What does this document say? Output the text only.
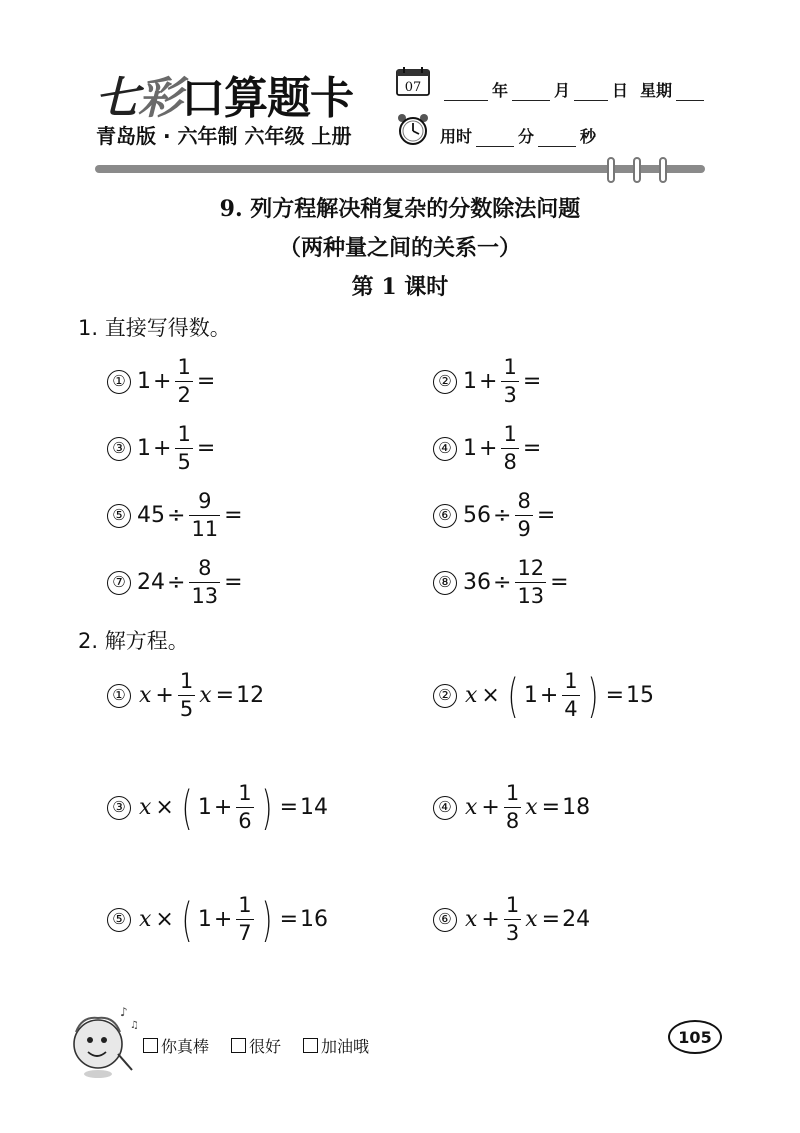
七彩口算题卡
青岛版 · 六年制 六年级 上册
07	年	月	日 星期
用时	分	秒
9. 列方程解决稍复杂的分数除法问题
（两种量之间的关系一）
第 1 课时
1. 直接写得数。
① $1 + \frac{1}{2}$ =	② $1 + \frac{1}{3}$ =
③ $1 + \frac{1}{5}$ =	④ $1 + \frac{1}{8}$ =
⑤ $45 \div \frac{9}{11}$ =	⑥ $56 \div \frac{8}{9}$ =
⑦ $24 \div \frac{8}{13}$ =	⑧ $36 \div \frac{12}{13}$ =
2. 解方程。
① $x + \frac{1}{5}$ x = 12	② x × ( $1 + \frac{1}{4}$ ) = 15
③ x × ( $1 + \frac{1}{6}$ ) = 14	④ $x + \frac{1}{8}$ x = 18
⑤ x × ( $1 + \frac{1}{7}$ ) = 16	⑥ $x + \frac{1}{3}$ x = 24
♪
♫
你真棒	很好	加油哦	105
